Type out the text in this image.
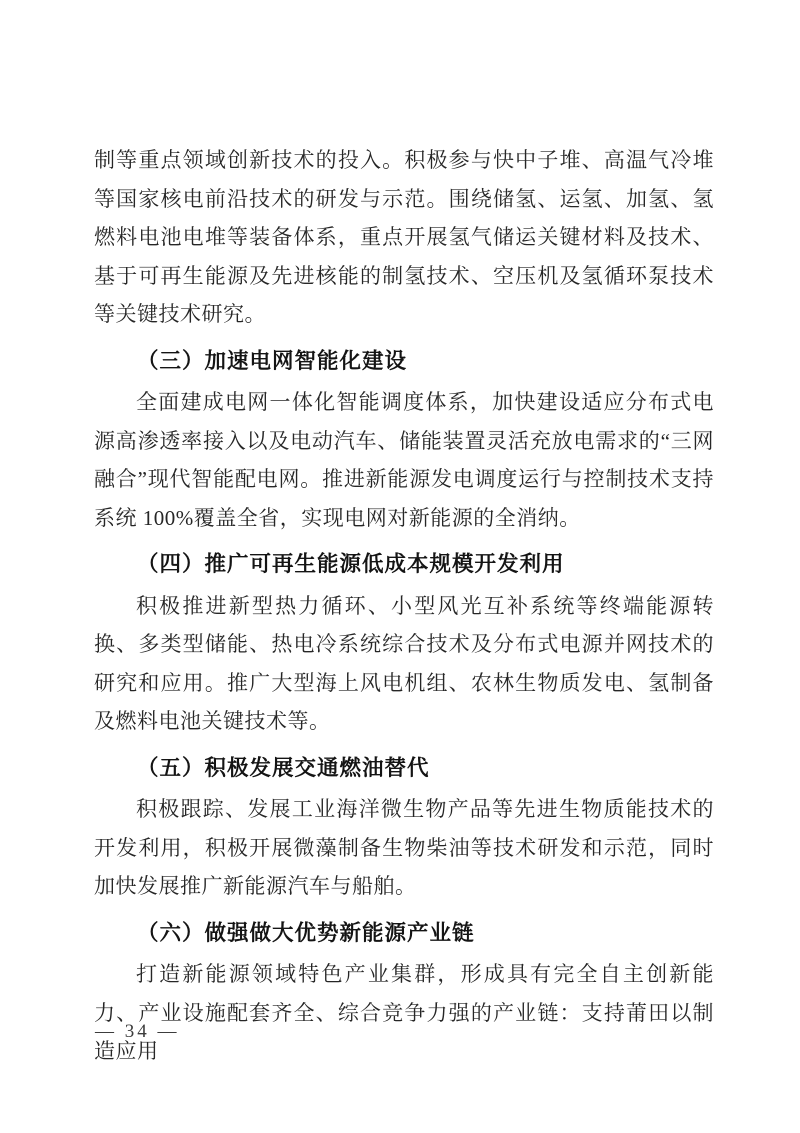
制等重点领域创新技术的投入。积极参与快中子堆、高温气冷堆等国家核电前沿技术的研发与示范。围绕储氢、运氢、加氢、氢燃料电池电堆等装备体系，重点开展氢气储运关键材料及技术、基于可再生能源及先进核能的制氢技术、空压机及氢循环泵技术等关键技术研究。

（三）加速电网智能化建设

全面建成电网一体化智能调度体系，加快建设适应分布式电源高渗透率接入以及电动汽车、储能装置灵活充放电需求的“三网融合”现代智能配电网。推进新能源发电调度运行与控制技术支持系统 100%覆盖全省，实现电网对新能源的全消纳。

（四）推广可再生能源低成本规模开发利用

积极推进新型热力循环、小型风光互补系统等终端能源转换、多类型储能、热电冷系统综合技术及分布式电源并网技术的研究和应用。推广大型海上风电机组、农林生物质发电、氢制备及燃料电池关键技术等。

（五）积极发展交通燃油替代

积极跟踪、发展工业海洋微生物产品等先进生物质能技术的开发利用，积极开展微藻制备生物柴油等技术研发和示范，同时加快发展推广新能源汽车与船舶。

（六）做强做大优势新能源产业链

打造新能源领域特色产业集群，形成具有完全自主创新能力、产业设施配套齐全、综合竞争力强的产业链：支持莆田以制造应用

— 34 —
